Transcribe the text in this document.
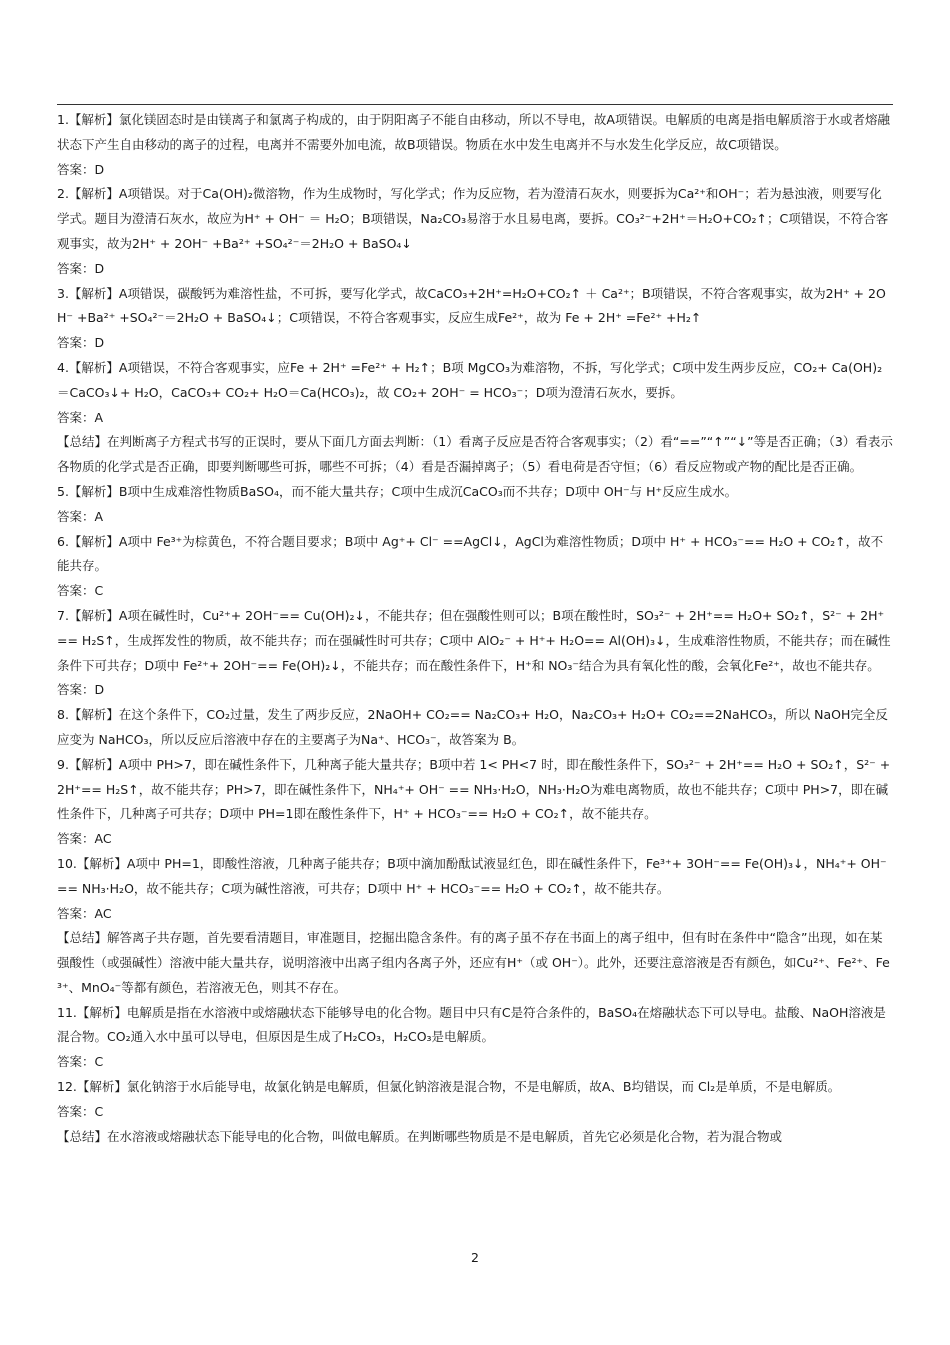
1.【解析】氯化镁固态时是由镁离子和氯离子构成的，由于阴阳离子不能自由移动，所以不导电，故A项错误。电解质的电离是指电解质溶于水或者熔融状态下产生自由移动的离子的过程，电离并不需要外加电流，故B项错误。物质在水中发生电离并不与水发生化学反应，故C项错误。

答案：D

2.【解析】A项错误。对于Ca(OH)₂微溶物，作为生成物时，写化学式；作为反应物，若为澄清石灰水，则要拆为Ca²⁺和OH⁻；若为悬浊液，则要写化学式。题目为澄清石灰水，故应为H⁺ + OH⁻ ＝ H₂O；B项错误，Na₂CO₃易溶于水且易电离，要拆。CO₃²⁻+2H⁺＝H₂O+CO₂↑；C项错误，不符合客观事实，故为2H⁺ + 2OH⁻ +Ba²⁺ +SO₄²⁻＝2H₂O + BaSO₄↓

答案：D

3.【解析】A项错误，碳酸钙为难溶性盐，不可拆，要写化学式，故CaCO₃+2H⁺=H₂O+CO₂↑ ＋ Ca²⁺；B项错误，不符合客观事实，故为2H⁺ + 2OH⁻ +Ba²⁺ +SO₄²⁻＝2H₂O + BaSO₄↓；C项错误，不符合客观事实，反应生成Fe²⁺，故为 Fe + 2H⁺ =Fe²⁺ +H₂↑

答案：D

4.【解析】A项错误，不符合客观事实，应Fe + 2H⁺ =Fe²⁺ + H₂↑；B项 MgCO₃为难溶物，不拆，写化学式；C项中发生两步反应，CO₂+ Ca(OH)₂＝CaCO₃↓+ H₂O，CaCO₃+ CO₂+ H₂O＝Ca(HCO₃)₂，故 CO₂+ 2OH⁻ = HCO₃⁻；D项为澄清石灰水，要拆。

答案：A

【总结】在判断离子方程式书写的正误时，要从下面几方面去判断：（1）看离子反应是否符合客观事实；（2）看“==”“↑”“↓”等是否正确；（3）看表示各物质的化学式是否正确，即要判断哪些可拆，哪些不可拆；（4）看是否漏掉离子；（5）看电荷是否守恒；（6）看反应物或产物的配比是否正确。

5.【解析】B项中生成难溶性物质BaSO₄，而不能大量共存；C项中生成沉CaCO₃而不共存；D项中 OH⁻与 H⁺反应生成水。

答案：A

6.【解析】A项中 Fe³⁺为棕黄色，不符合题目要求；B项中 Ag⁺+ Cl⁻ ==AgCl↓，AgCl为难溶性物质；D项中 H⁺ + HCO₃⁻== H₂O + CO₂↑，故不能共存。

答案：C

7.【解析】A项在碱性时，Cu²⁺+ 2OH⁻== Cu(OH)₂↓，不能共存；但在强酸性则可以；B项在酸性时，SO₃²⁻ + 2H⁺== H₂O+ SO₂↑，S²⁻ + 2H⁺== H₂S↑，生成挥发性的物质，故不能共存；而在强碱性时可共存；C项中 AlO₂⁻ + H⁺+ H₂O== Al(OH)₃↓，生成难溶性物质，不能共存；而在碱性条件下可共存；D项中 Fe²⁺+ 2OH⁻== Fe(OH)₂↓，不能共存；而在酸性条件下，H⁺和 NO₃⁻结合为具有氧化性的酸，会氧化Fe²⁺，故也不能共存。

答案：D

8.【解析】在这个条件下，CO₂过量，发生了两步反应，2NaOH+ CO₂== Na₂CO₃+ H₂O，Na₂CO₃+ H₂O+ CO₂==2NaHCO₃，所以 NaOH完全反应变为 NaHCO₃，所以反应后溶液中存在的主要离子为Na⁺、HCO₃⁻，故答案为 B。

9.【解析】A项中 PH>7，即在碱性条件下，几种离子能大量共存；B项中若 1< PH<7 时，即在酸性条件下，SO₃²⁻ + 2H⁺== H₂O + SO₂↑，S²⁻ + 2H⁺== H₂S↑，故不能共存；PH>7，即在碱性条件下，NH₄⁺+ OH⁻ == NH₃·H₂O，NH₃·H₂O为难电离物质，故也不能共存；C项中 PH>7，即在碱性条件下，几种离子可共存；D项中 PH=1即在酸性条件下，H⁺ + HCO₃⁻== H₂O + CO₂↑，故不能共存。

答案：AC

10.【解析】A项中 PH=1，即酸性溶液，几种离子能共存；B项中滴加酚酞试液显红色，即在碱性条件下，Fe³⁺+ 3OH⁻== Fe(OH)₃↓，NH₄⁺+ OH⁻== NH₃·H₂O，故不能共存；C项为碱性溶液，可共存；D项中 H⁺ + HCO₃⁻== H₂O + CO₂↑，故不能共存。

答案：AC

【总结】解答离子共存题，首先要看清题目，审准题目，挖掘出隐含条件。有的离子虽不存在书面上的离子组中，但有时在条件中“隐含”出现，如在某强酸性（或强碱性）溶液中能大量共存，说明溶液中出离子组内各离子外，还应有H⁺（或 OH⁻）。此外，还要注意溶液是否有颜色，如Cu²⁺、Fe²⁺、Fe³⁺、MnO₄⁻等都有颜色，若溶液无色，则其不存在。

11.【解析】电解质是指在水溶液中或熔融状态下能够导电的化合物。题目中只有C是符合条件的，BaSO₄在熔融状态下可以导电。盐酸、NaOH溶液是混合物。CO₂通入水中虽可以导电，但原因是生成了H₂CO₃，H₂CO₃是电解质。

答案：C

12.【解析】氯化钠溶于水后能导电，故氯化钠是电解质，但氯化钠溶液是混合物，不是电解质，故A、B均错误，而 Cl₂是单质，不是电解质。

答案：C

【总结】在水溶液或熔融状态下能导电的化合物，叫做电解质。在判断哪些物质是不是电解质，首先它必须是化合物，若为混合物或

2
